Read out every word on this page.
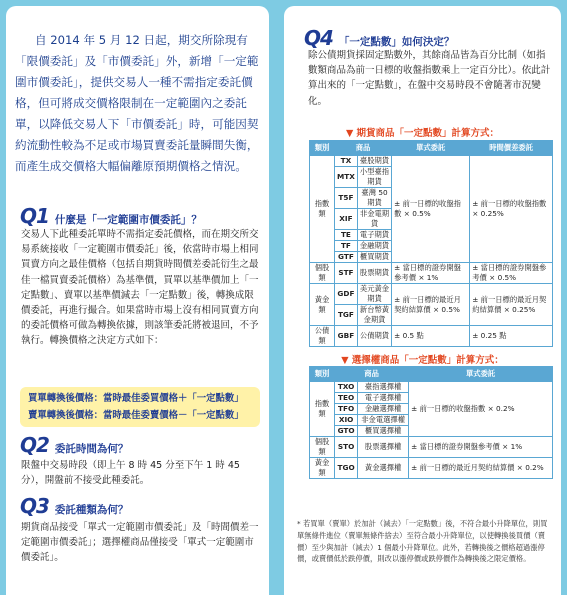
自 2014 年 5 月 12 日起，期交所除現有「限價委託」及「市價委託」外，新增「一定範圍市價委託」，提供交易人一種不需指定委託價格，但可將成交價格限制在一定範圍內之委託單，以降低交易人下「市價委託」時，可能因契約流動性較為不足或市場買賣委託量瞬間失衡，而產生成交價格大幅偏離原預期價格之情況。
Q1 什麼是「一定範圍市價委託」？
交易人下此種委託單時不需指定委託價格，而在期交所交易系統接收「一定範圍市價委託」後，依當時市場上相同買賣方向之最佳價格（包括自期貨時間價差委託衍生之最佳一檔買賣委託價格）為基準價，買單以基準價加上「一定點數」、賣單以基準價減去「一定點數」後，轉換成限價委託，再進行撮合。如果當時市場上沒有相同買賣方向的委託價格可做為轉換依據，則該筆委託將被退回，不予執行。轉換價格之決定方式如下：
買單轉換後價格：當時最佳委買價格＋「一定點數」
賣單轉換後價格：當時最佳委賣價格－「一定點數」
Q2 委託時間為何？
限盤中交易時段（即上午 8 時 45 分至下午 1 時 45 分），開盤前不接受此種委託。
Q3 委託種類為何？
期貨商品接受「單式一定範圍市價委託」及「時間價差一定範圍市價委託」；選擇權商品僅接受「單式一定範圍市價委託」。
Q4 「一定點數」如何決定？
除公債期貨採固定點數外，其餘商品皆為百分比制（如指數類商品為前一日標的收盤指數乘上一定百分比）。依此計算出來的「一定點數」，在盤中交易時段不會隨著市況變化。
▼ 期貨商品「一定點數」計算方式：
類別	商品		單式委託	時間價差委託
指數類	TX	臺股期貨	± 前一日標的收盤指數 × 0.5%	± 前一日標的收盤指數 × 0.25%
	MTX	小型臺指期貨		
	T5F	臺灣 50 期貨		
	XIF	非金電期貨		
	TE	電子期貨		
	TF	金融期貨		
	GTF	櫃買期貨		
個股類	STF	股票期貨	± 當日標的證券開盤參考價 × 1%	± 當日標的證券開盤參考價 × 0.5%
黃金類	GDF	美元黃金期貨	± 前一日標的最近月契約結算價 × 0.5%	± 前一日標的最近月契約結算價 × 0.25%
	TGF	新台幣黃金期貨		
公債類	GBF	公債期貨	± 0.5 點	± 0.25 點
▼ 選擇權商品「一定點數」計算方式：
類別	商品		單式委託
指數類	TXO	臺指選擇權	± 前一日標的收盤指數 × 0.2%
	TEO	電子選擇權	
	TFO	金融選擇權	
	XIO	非金電選擇權	
	GTO	櫃買選擇權	
個股類	STO	股票選擇權	± 當日標的證券開盤參考價 × 1%
黃金類	TGO	黃金選擇權	± 前一日標的最近月契約結算價 × 0.2%
* 若買單（賣單）於加計（減去）「一定點數」後，不符合最小升降單位，則買單無條件進位（賣單無條件捨去）至符合最小升降單位，以使轉換後買價（賣價）至少與加計（減去）1 個最小升降單位。此外，若轉換後之價格超過漲停價，或賣價低於跌停價，則改以漲停價或跌停價作為轉換後之限定價格。
